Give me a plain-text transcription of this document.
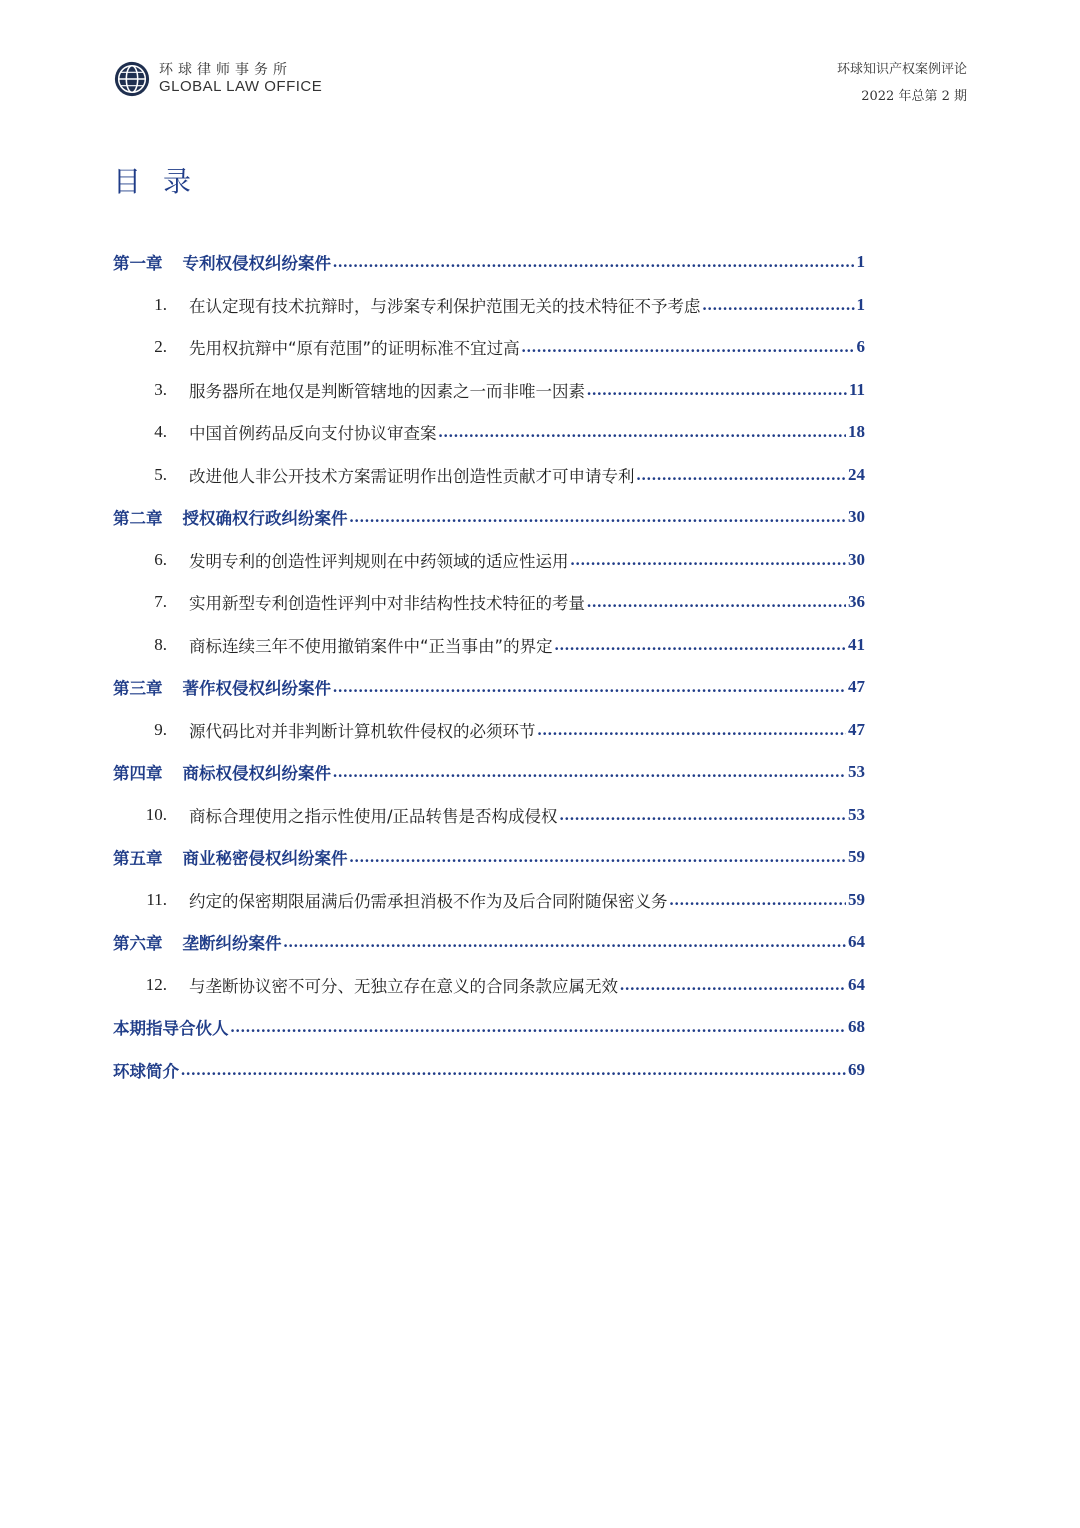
环球律师事务所
GLOBAL LAW OFFICE
环球知识产权案例评论
2022 年总第 2 期
目录
第一章 专利权侵权纠纷案件 .....	1
1.	在认定现有技术抗辩时，与涉案专利保护范围无关的技术特征不予考虑 .....	1
2.	先用权抗辩中“原有范围”的证明标准不宜过高 .....	6
3.	服务器所在地仅是判断管辖地的因素之一而非唯一因素 .....	11
4.	中国首例药品反向支付协议审查案 .....	18
5.	改进他人非公开技术方案需证明作出创造性贡献才可申请专利 .....	24
第二章 授权确权行政纠纷案件 .....	30
6.	发明专利的创造性评判规则在中药领域的适应性运用 .....	30
7.	实用新型专利创造性评判中对非结构性技术特征的考量 .....	36
8.	商标连续三年不使用撤销案件中“正当事由”的界定 .....	41
第三章 著作权侵权纠纷案件 .....	47
9.	源代码比对并非判断计算机软件侵权的必须环节 .....	47
第四章 商标权侵权纠纷案件 .....	53
10.	商标合理使用之指示性使用/正品转售是否构成侵权 .....	53
第五章 商业秘密侵权纠纷案件 .....	59
11.	约定的保密期限届满后仍需承担消极不作为及后合同附随保密义务 .....	59
第六章 垄断纠纷案件 .....	64
12.	与垄断协议密不可分、无独立存在意义的合同条款应属无效 .....	64
本期指导合伙人 .....	68
环球简介 .....	69
